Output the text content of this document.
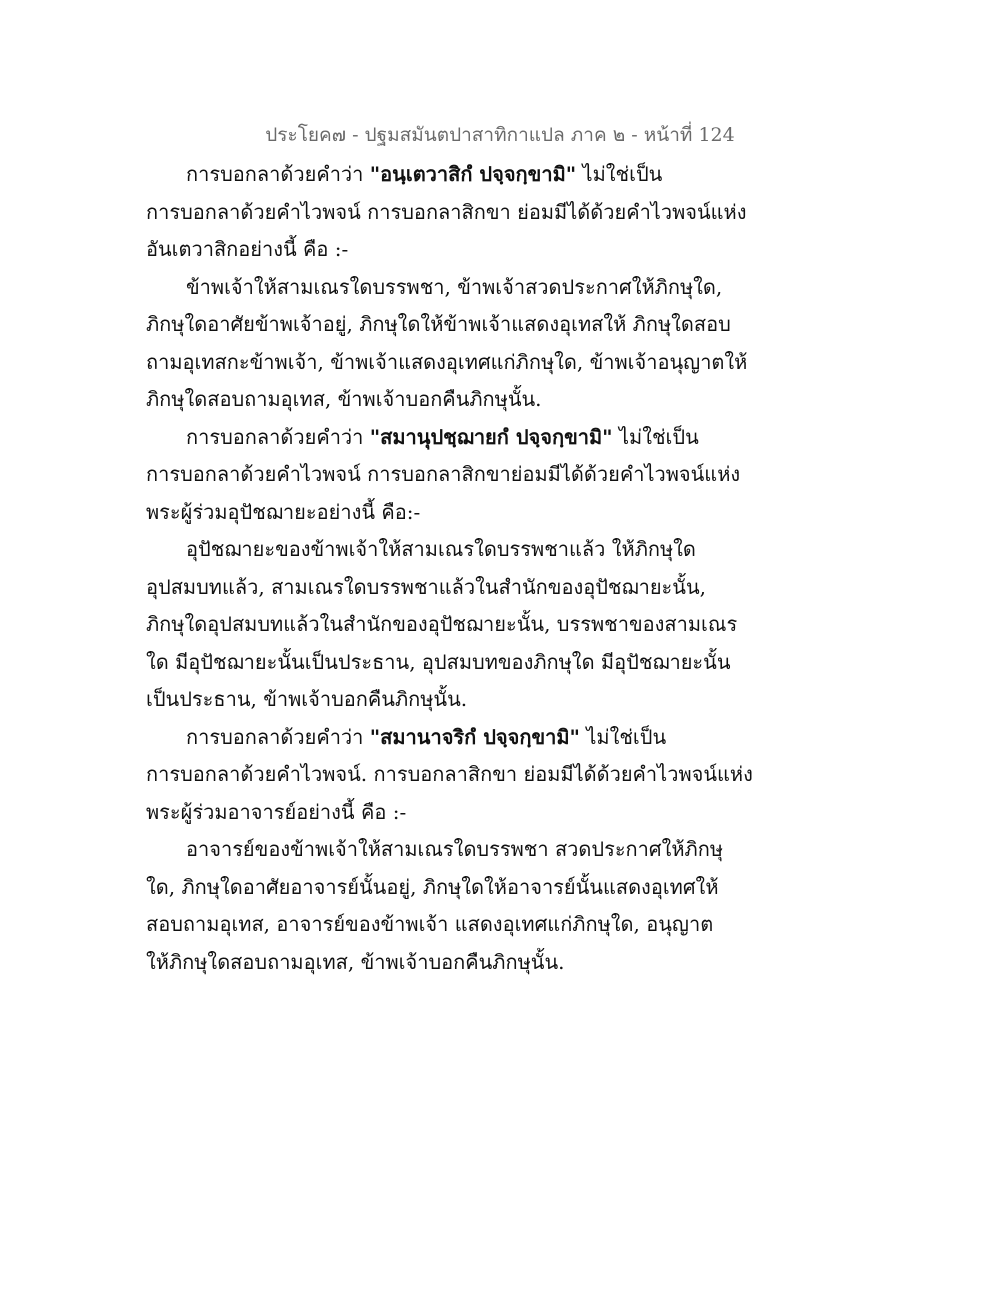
ประโยค๗ - ปฐมสมันตปาสาทิกาแปล ภาค ๒ - หน้าที่ 124
การบอกลาด้วยคำว่า "อนฺเตวาสิกํ ปจฺจกฺขามิ" ไม่ใช่เป็น
การบอกลาด้วยคำไวพจน์ การบอกลาสิกขา ย่อมมีได้ด้วยคำไวพจน์แห่ง
อันเตวาสิกอย่างนี้ คือ :-
ข้าพเจ้าให้สามเณรใดบรรพชา, ข้าพเจ้าสวดประกาศให้ภิกษุใด,
ภิกษุใดอาศัยข้าพเจ้าอยู่, ภิกษุใดให้ข้าพเจ้าแสดงอุเทสให้ ภิกษุใดสอบ
ถามอุเทสกะข้าพเจ้า, ข้าพเจ้าแสดงอุเทศแก่ภิกษุใด, ข้าพเจ้าอนุญาตให้
ภิกษุใดสอบถามอุเทส, ข้าพเจ้าบอกคืนภิกษุนั้น.
การบอกลาด้วยคำว่า "สมานุปชฺฌายกํ ปจฺจกฺขามิ" ไม่ใช่เป็น
การบอกลาด้วยคำไวพจน์ การบอกลาสิกขาย่อมมีได้ด้วยคำไวพจน์แห่ง
พระผู้ร่วมอุปัชฌายะอย่างนี้ คือ:-
อุปัชฌายะของข้าพเจ้าให้สามเณรใดบรรพชาแล้ว ให้ภิกษุใด
อุปสมบทแล้ว, สามเณรใดบรรพชาแล้วในสำนักของอุปัชฌายะนั้น,
ภิกษุใดอุปสมบทแล้วในสำนักของอุปัชฌายะนั้น, บรรพชาของสามเณร
ใด มีอุปัชฌายะนั้นเป็นประธาน, อุปสมบทของภิกษุใด มีอุปัชฌายะนั้น
เป็นประธาน, ข้าพเจ้าบอกคืนภิกษุนั้น.
การบอกลาด้วยคำว่า "สมานาจริกํ ปจฺจกฺขามิ" ไม่ใช่เป็น
การบอกลาด้วยคำไวพจน์. การบอกลาสิกขา ย่อมมีได้ด้วยคำไวพจน์แห่ง
พระผู้ร่วมอาจารย์อย่างนี้ คือ :-
อาจารย์ของข้าพเจ้าให้สามเณรใดบรรพชา สวดประกาศให้ภิกษุ
ใด, ภิกษุใดอาศัยอาจารย์นั้นอยู่, ภิกษุใดให้อาจารย์นั้นแสดงอุเทศให้
สอบถามอุเทส, อาจารย์ของข้าพเจ้า แสดงอุเทศแก่ภิกษุใด, อนุญาต
ให้ภิกษุใดสอบถามอุเทส, ข้าพเจ้าบอกคืนภิกษุนั้น.
